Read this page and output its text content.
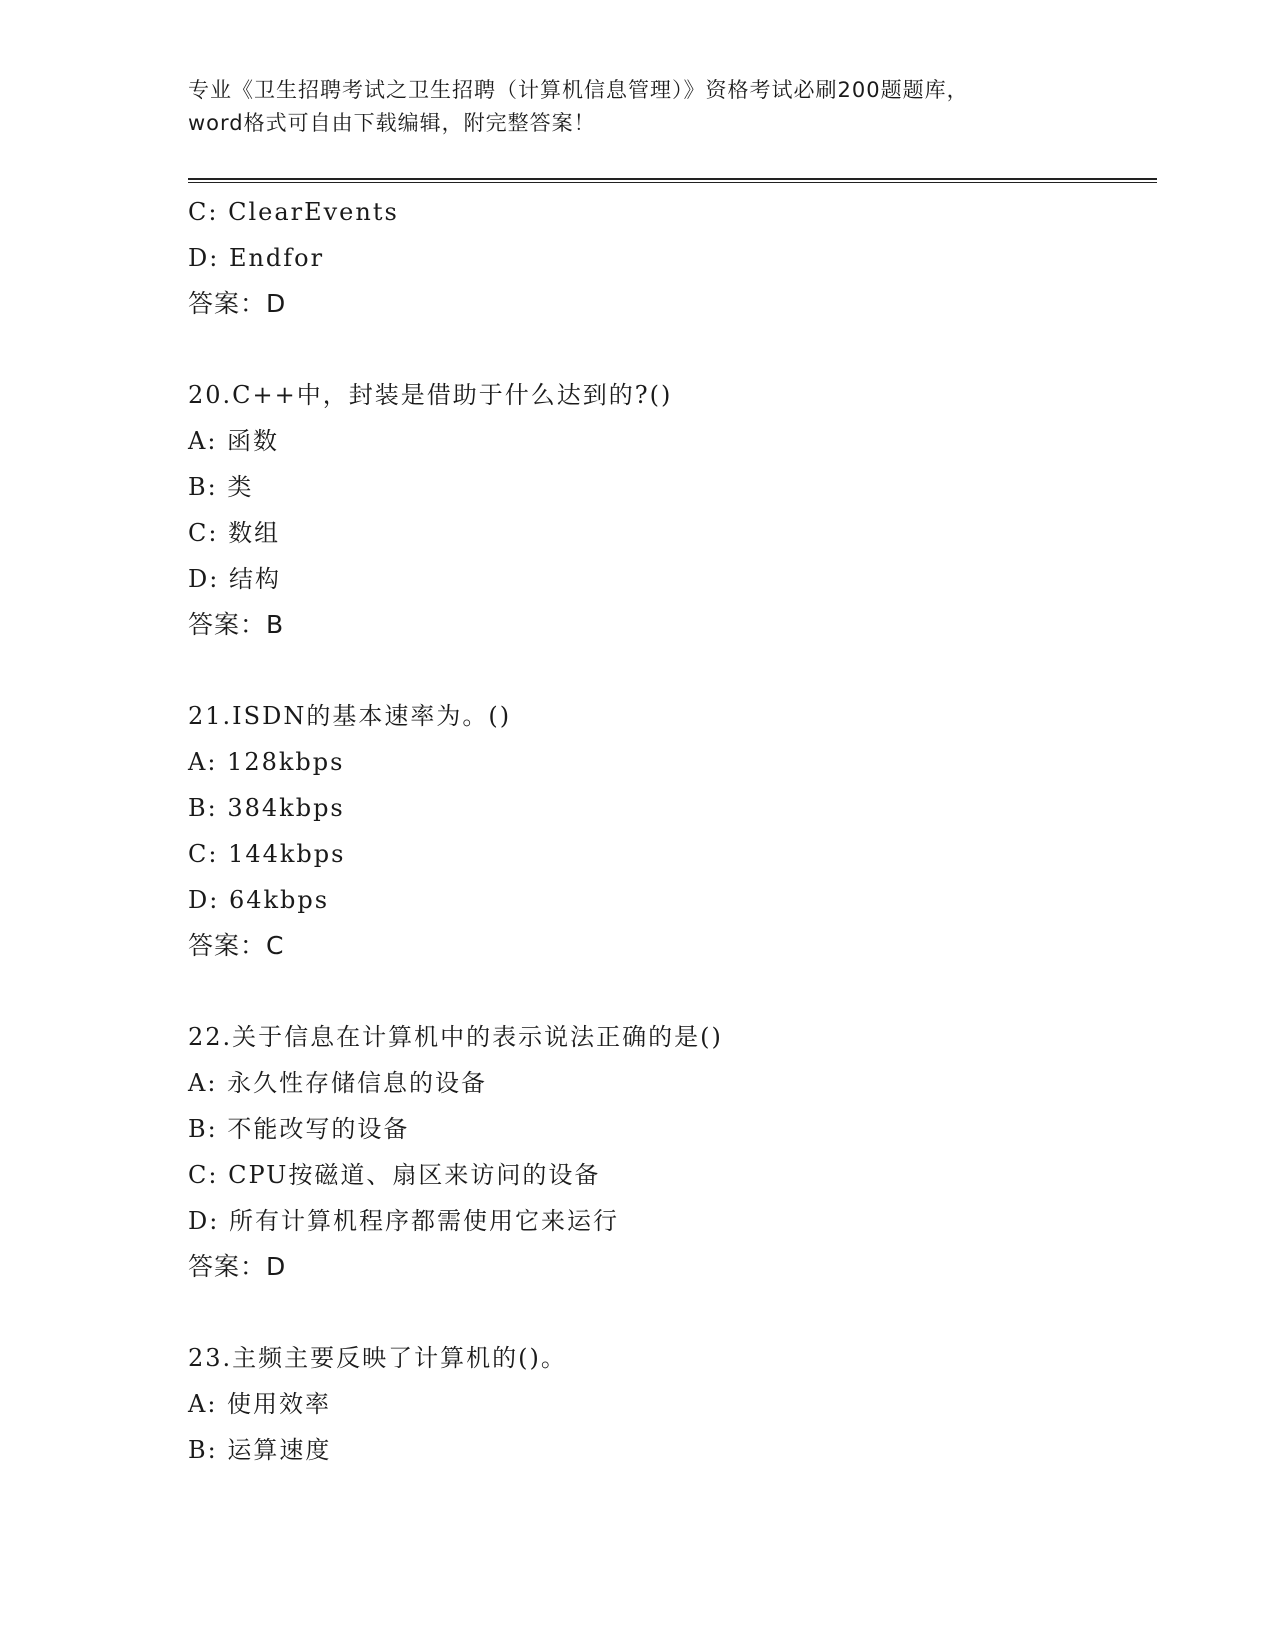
专业《卫生招聘考试之卫生招聘（计算机信息管理）》资格考试必刷200题题库，
word格式可自由下载编辑，附完整答案！
C: ClearEvents
D: Endfor
答案：D
20.C++中，封装是借助于什么达到的?()
A: 函数
B: 类
C: 数组
D: 结构
答案：B
21.ISDN的基本速率为。()
A: 128kbps
B: 384kbps
C: 144kbps
D: 64kbps
答案：C
22.关于信息在计算机中的表示说法正确的是()
A: 永久性存储信息的设备
B: 不能改写的设备
C: CPU按磁道、扇区来访问的设备
D: 所有计算机程序都需使用它来运行
答案：D
23.主频主要反映了计算机的()。
A: 使用效率
B: 运算速度
